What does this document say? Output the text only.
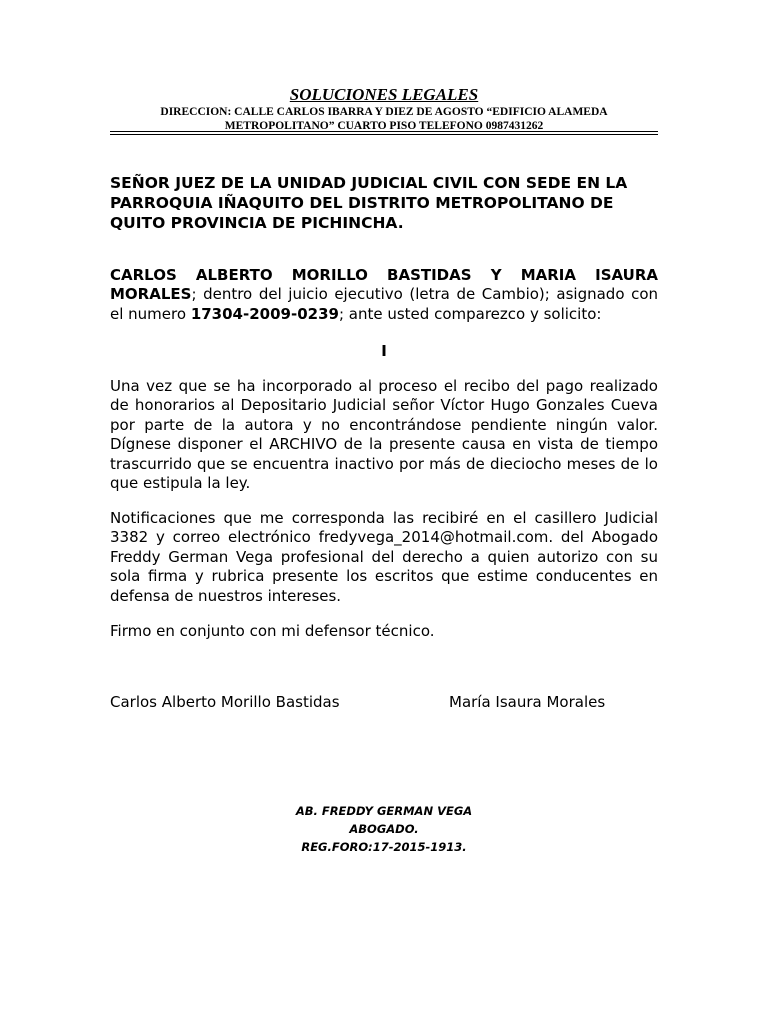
SOLUCIONES LEGALES
DIRECCION: CALLE CARLOS IBARRA Y DIEZ DE AGOSTO “EDIFICIO ALAMEDA
METROPOLITANO” CUARTO PISO TELEFONO 0987431262
SEÑOR JUEZ DE LA UNIDAD JUDICIAL CIVIL CON SEDE EN LA PARROQUIA IÑAQUITO DEL DISTRITO METROPOLITANO DE QUITO PROVINCIA DE PICHINCHA.
CARLOS ALBERTO MORILLO BASTIDAS Y MARIA ISAURA MORALES; dentro del juicio ejecutivo (letra de Cambio); asignado con el numero 17304-2009-0239; ante usted comparezco y solicito:
I
Una vez que se ha incorporado al proceso el recibo del pago realizado de honorarios al Depositario Judicial señor Víctor Hugo Gonzales Cueva por parte de la autora y no encontrándose pendiente ningún valor. Dígnese disponer el ARCHIVO de la presente causa en vista de tiempo trascurrido que se encuentra inactivo por más de dieciocho meses de lo que estipula la ley.
Notificaciones que me corresponda las recibiré en el casillero Judicial 3382 y correo electrónico fredyvega_2014@hotmail.com. del Abogado Freddy German Vega profesional del derecho a quien autorizo con su sola firma y rubrica presente los escritos que estime conducentes en defensa de nuestros intereses.
Firmo en conjunto con mi defensor técnico.
Carlos Alberto Morillo Bastidas	María Isaura Morales
AB. FREDDY GERMAN VEGA
ABOGADO.
REG.FORO:17-2015-1913.
